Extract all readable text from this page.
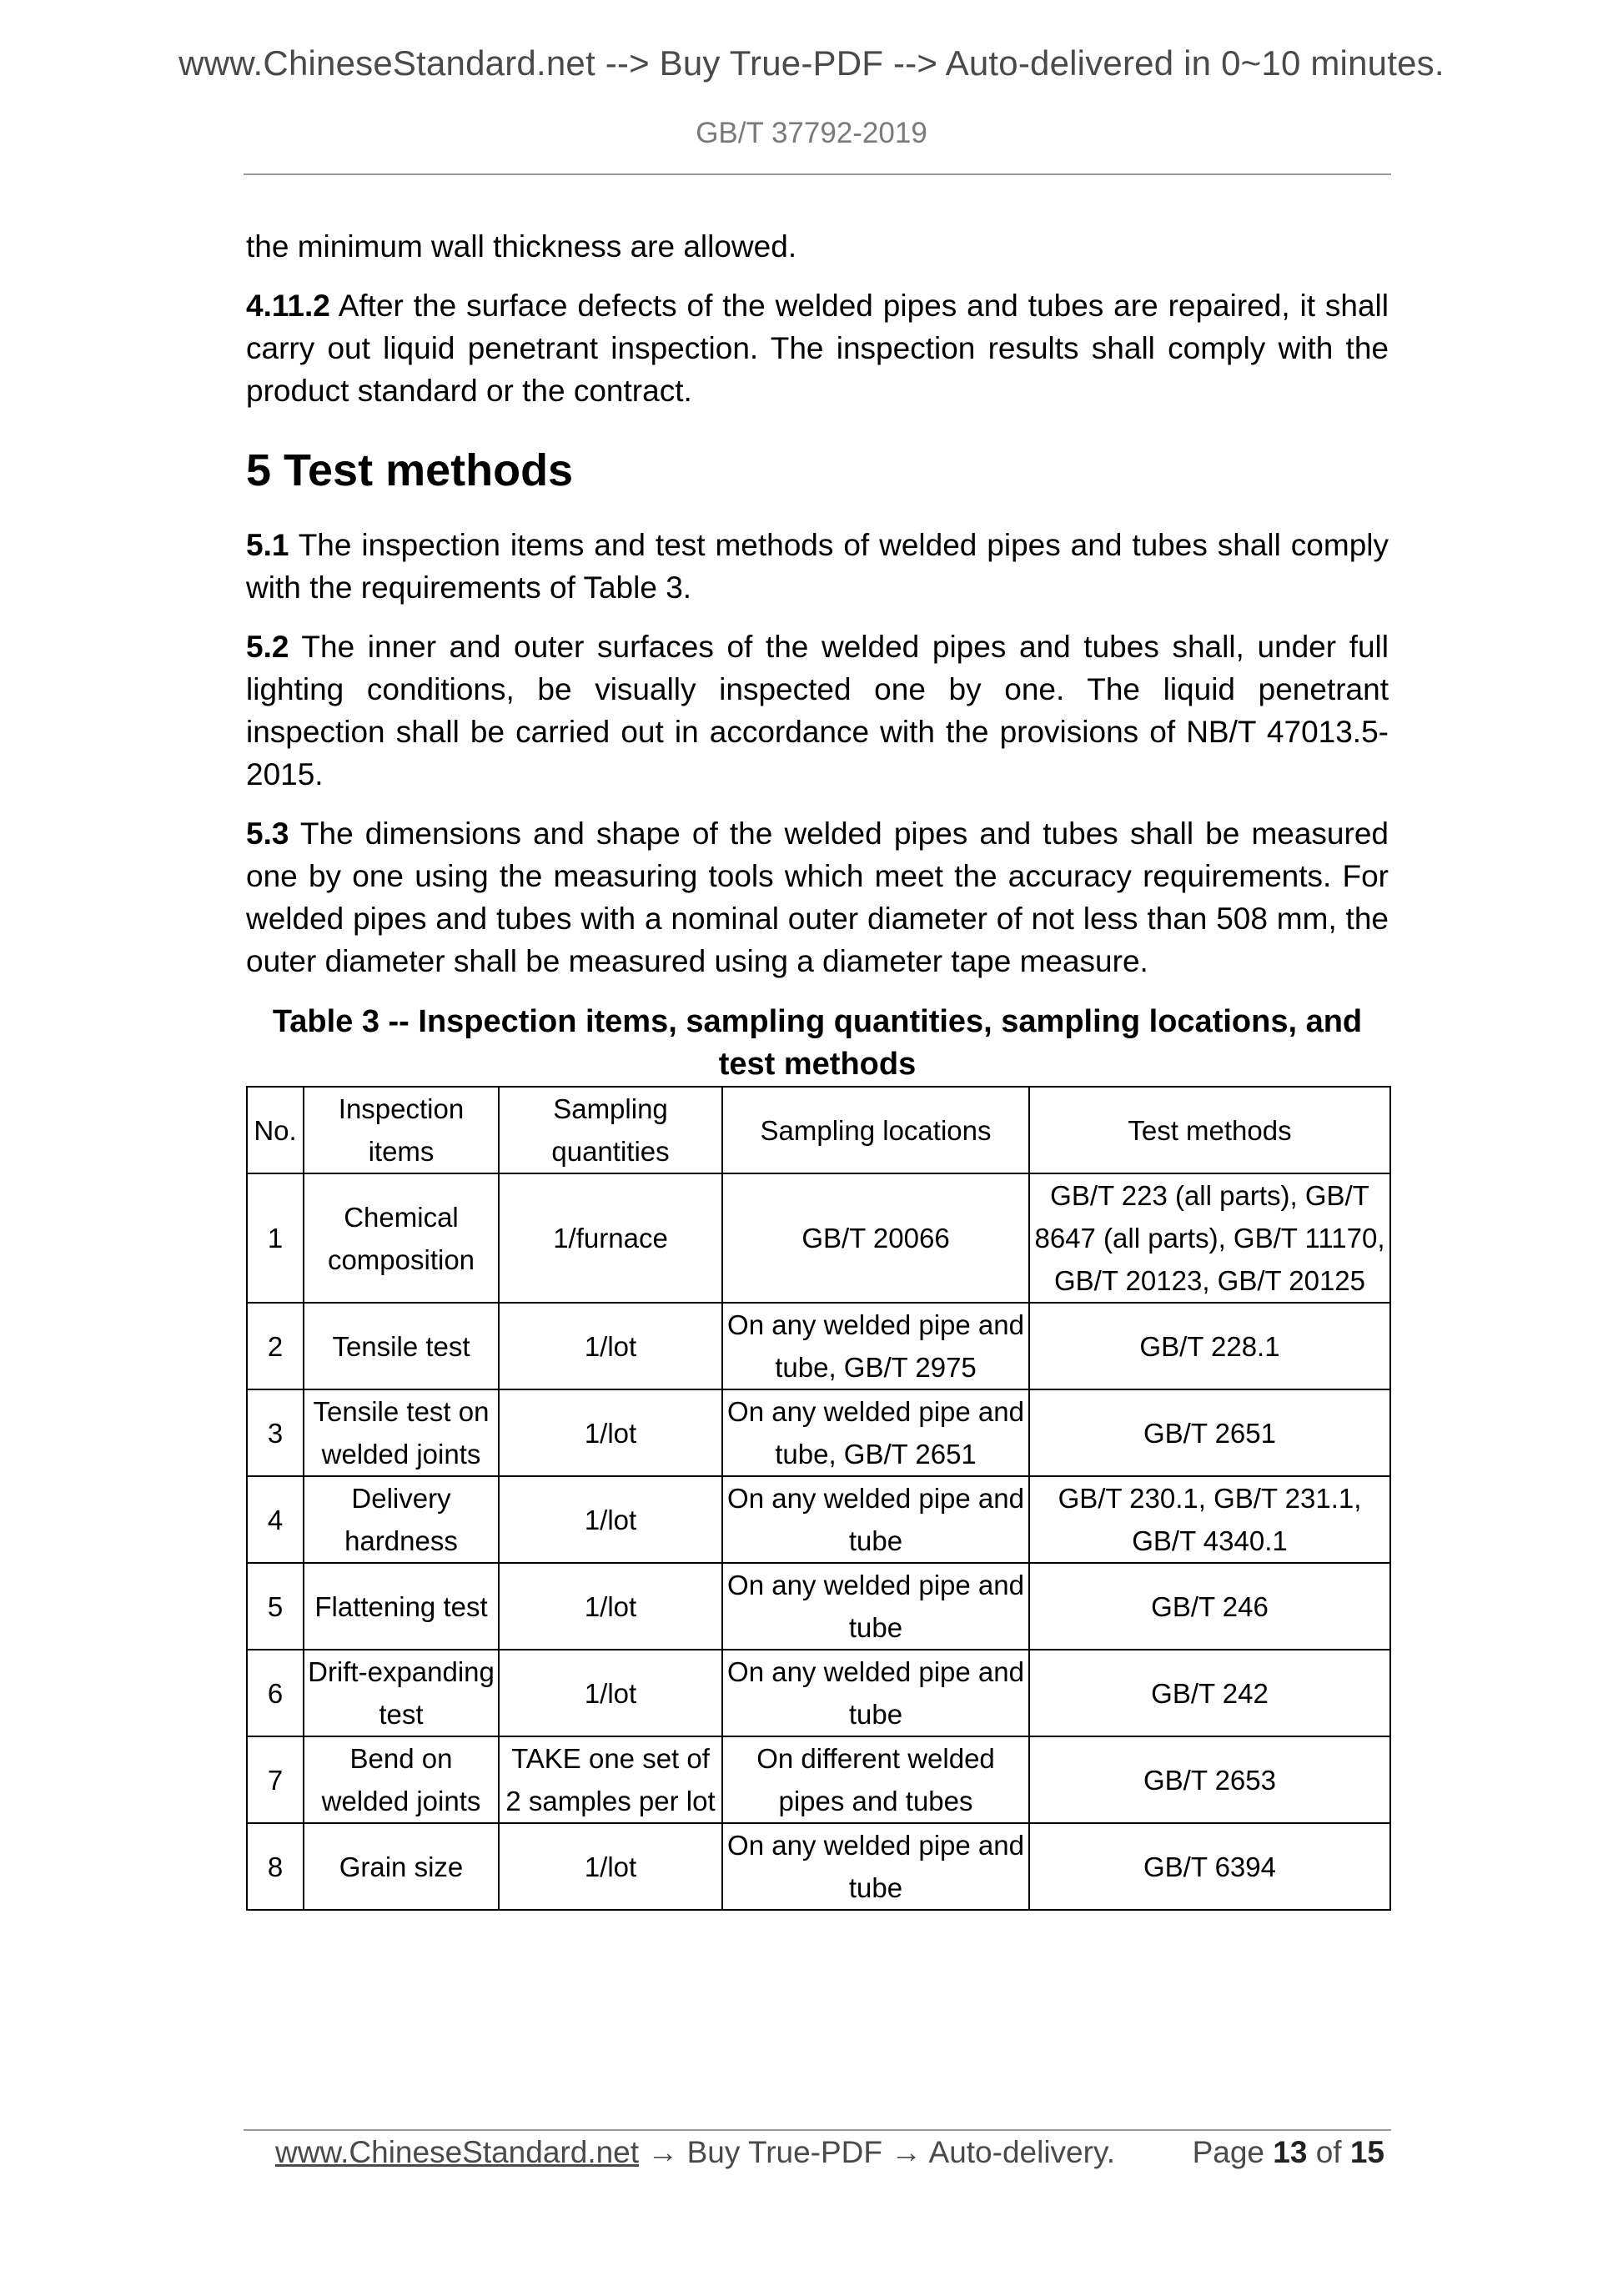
www.ChineseStandard.net --> Buy True-PDF --> Auto-delivered in 0~10 minutes.
GB/T 37792-2019

the minimum wall thickness are allowed.

4.11.2 After the surface defects of the welded pipes and tubes are repaired, it shall carry out liquid penetrant inspection. The inspection results shall comply with the product standard or the contract.

5 Test methods

5.1 The inspection items and test methods of welded pipes and tubes shall comply with the requirements of Table 3.

5.2 The inner and outer surfaces of the welded pipes and tubes shall, under full lighting conditions, be visually inspected one by one. The liquid penetrant inspection shall be carried out in accordance with the provisions of NB/T 47013.5-2015.

5.3 The dimensions and shape of the welded pipes and tubes shall be measured one by one using the measuring tools which meet the accuracy requirements. For welded pipes and tubes with a nominal outer diameter of not less than 508 mm, the outer diameter shall be measured using a diameter tape measure.

Table 3 -- Inspection items, sampling quantities, sampling locations, and test methods

No.	Inspection items	Sampling quantities	Sampling locations	Test methods
1	Chemical composition	1/furnace	GB/T 20066	GB/T 223 (all parts), GB/T 8647 (all parts), GB/T 11170, GB/T 20123, GB/T 20125
2	Tensile test	1/lot	On any welded pipe and tube, GB/T 2975	GB/T 228.1
3	Tensile test on welded joints	1/lot	On any welded pipe and tube, GB/T 2651	GB/T 2651
4	Delivery hardness	1/lot	On any welded pipe and tube	GB/T 230.1, GB/T 231.1, GB/T 4340.1
5	Flattening test	1/lot	On any welded pipe and tube	GB/T 246
6	Drift-expanding test	1/lot	On any welded pipe and tube	GB/T 242
7	Bend on welded joints	TAKE one set of 2 samples per lot	On different welded pipes and tubes	GB/T 2653
8	Grain size	1/lot	On any welded pipe and tube	GB/T 6394
www.ChineseStandard.net → Buy True-PDF → Auto-delivery.	Page 13 of 15
